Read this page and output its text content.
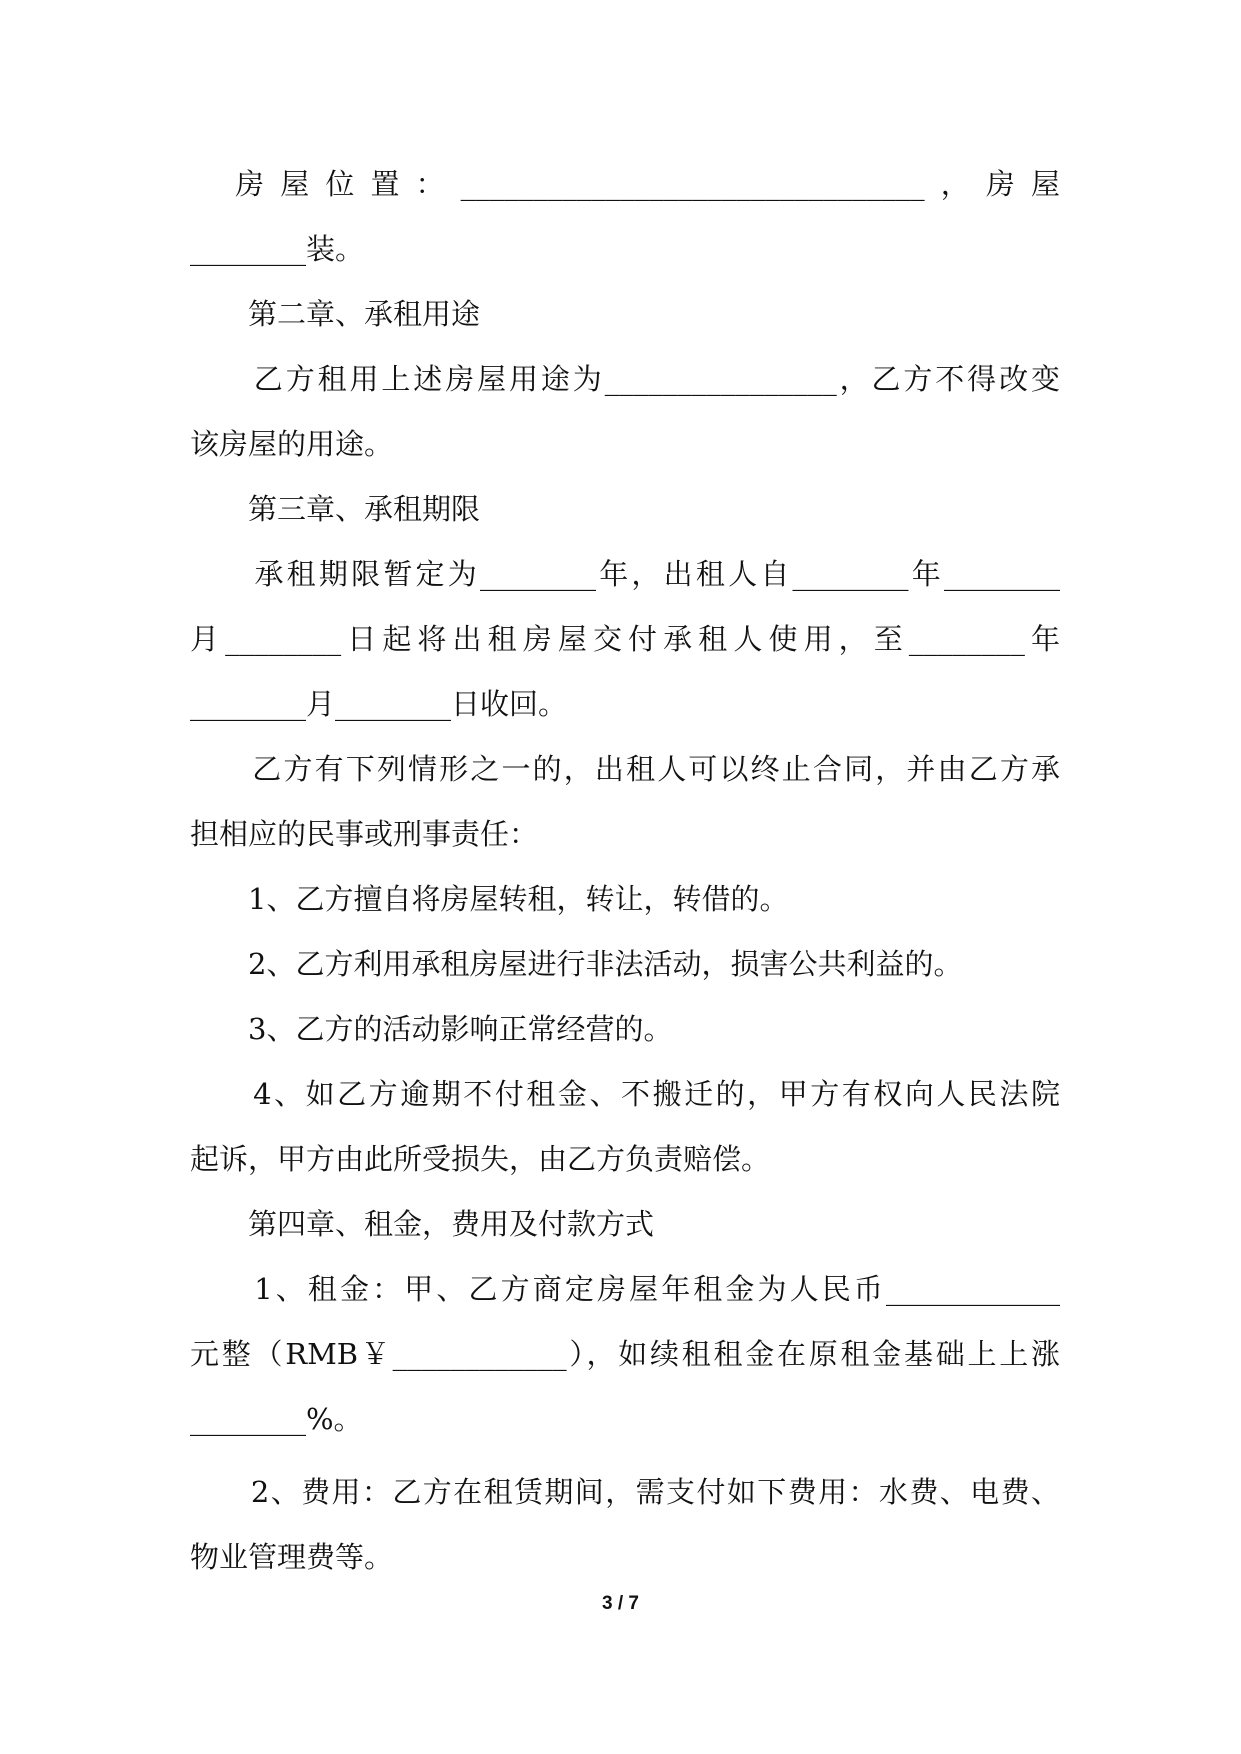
　房屋位置：________________________________，房屋
________装。
　　第二章、承租用途
　　乙方租用上述房屋用途为________________，乙方不得改变
该房屋的用途。
　　第三章、承租期限
　　承租期限暂定为________年，出租人自________年________
月________日起将出租房屋交付承租人使用，至________年
________月________日收回。
　　乙方有下列情形之一的，出租人可以终止合同，并由乙方承
担相应的民事或刑事责任：
　　1、乙方擅自将房屋转租，转让，转借的。
　　2、乙方利用承租房屋进行非法活动，损害公共利益的。
　　3、乙方的活动影响正常经营的。
　　4、如乙方逾期不付租金、不搬迁的，甲方有权向人民法院
起诉，甲方由此所受损失，由乙方负责赔偿。
　　第四章、租金，费用及付款方式
　　1、租金：甲、乙方商定房屋年租金为人民币____________
元整（RMB￥____________），如续租租金在原租金基础上上涨
________%。
　　2、费用：乙方在租赁期间，需支付如下费用：水费、电费、
物业管理费等。
3 / 7
